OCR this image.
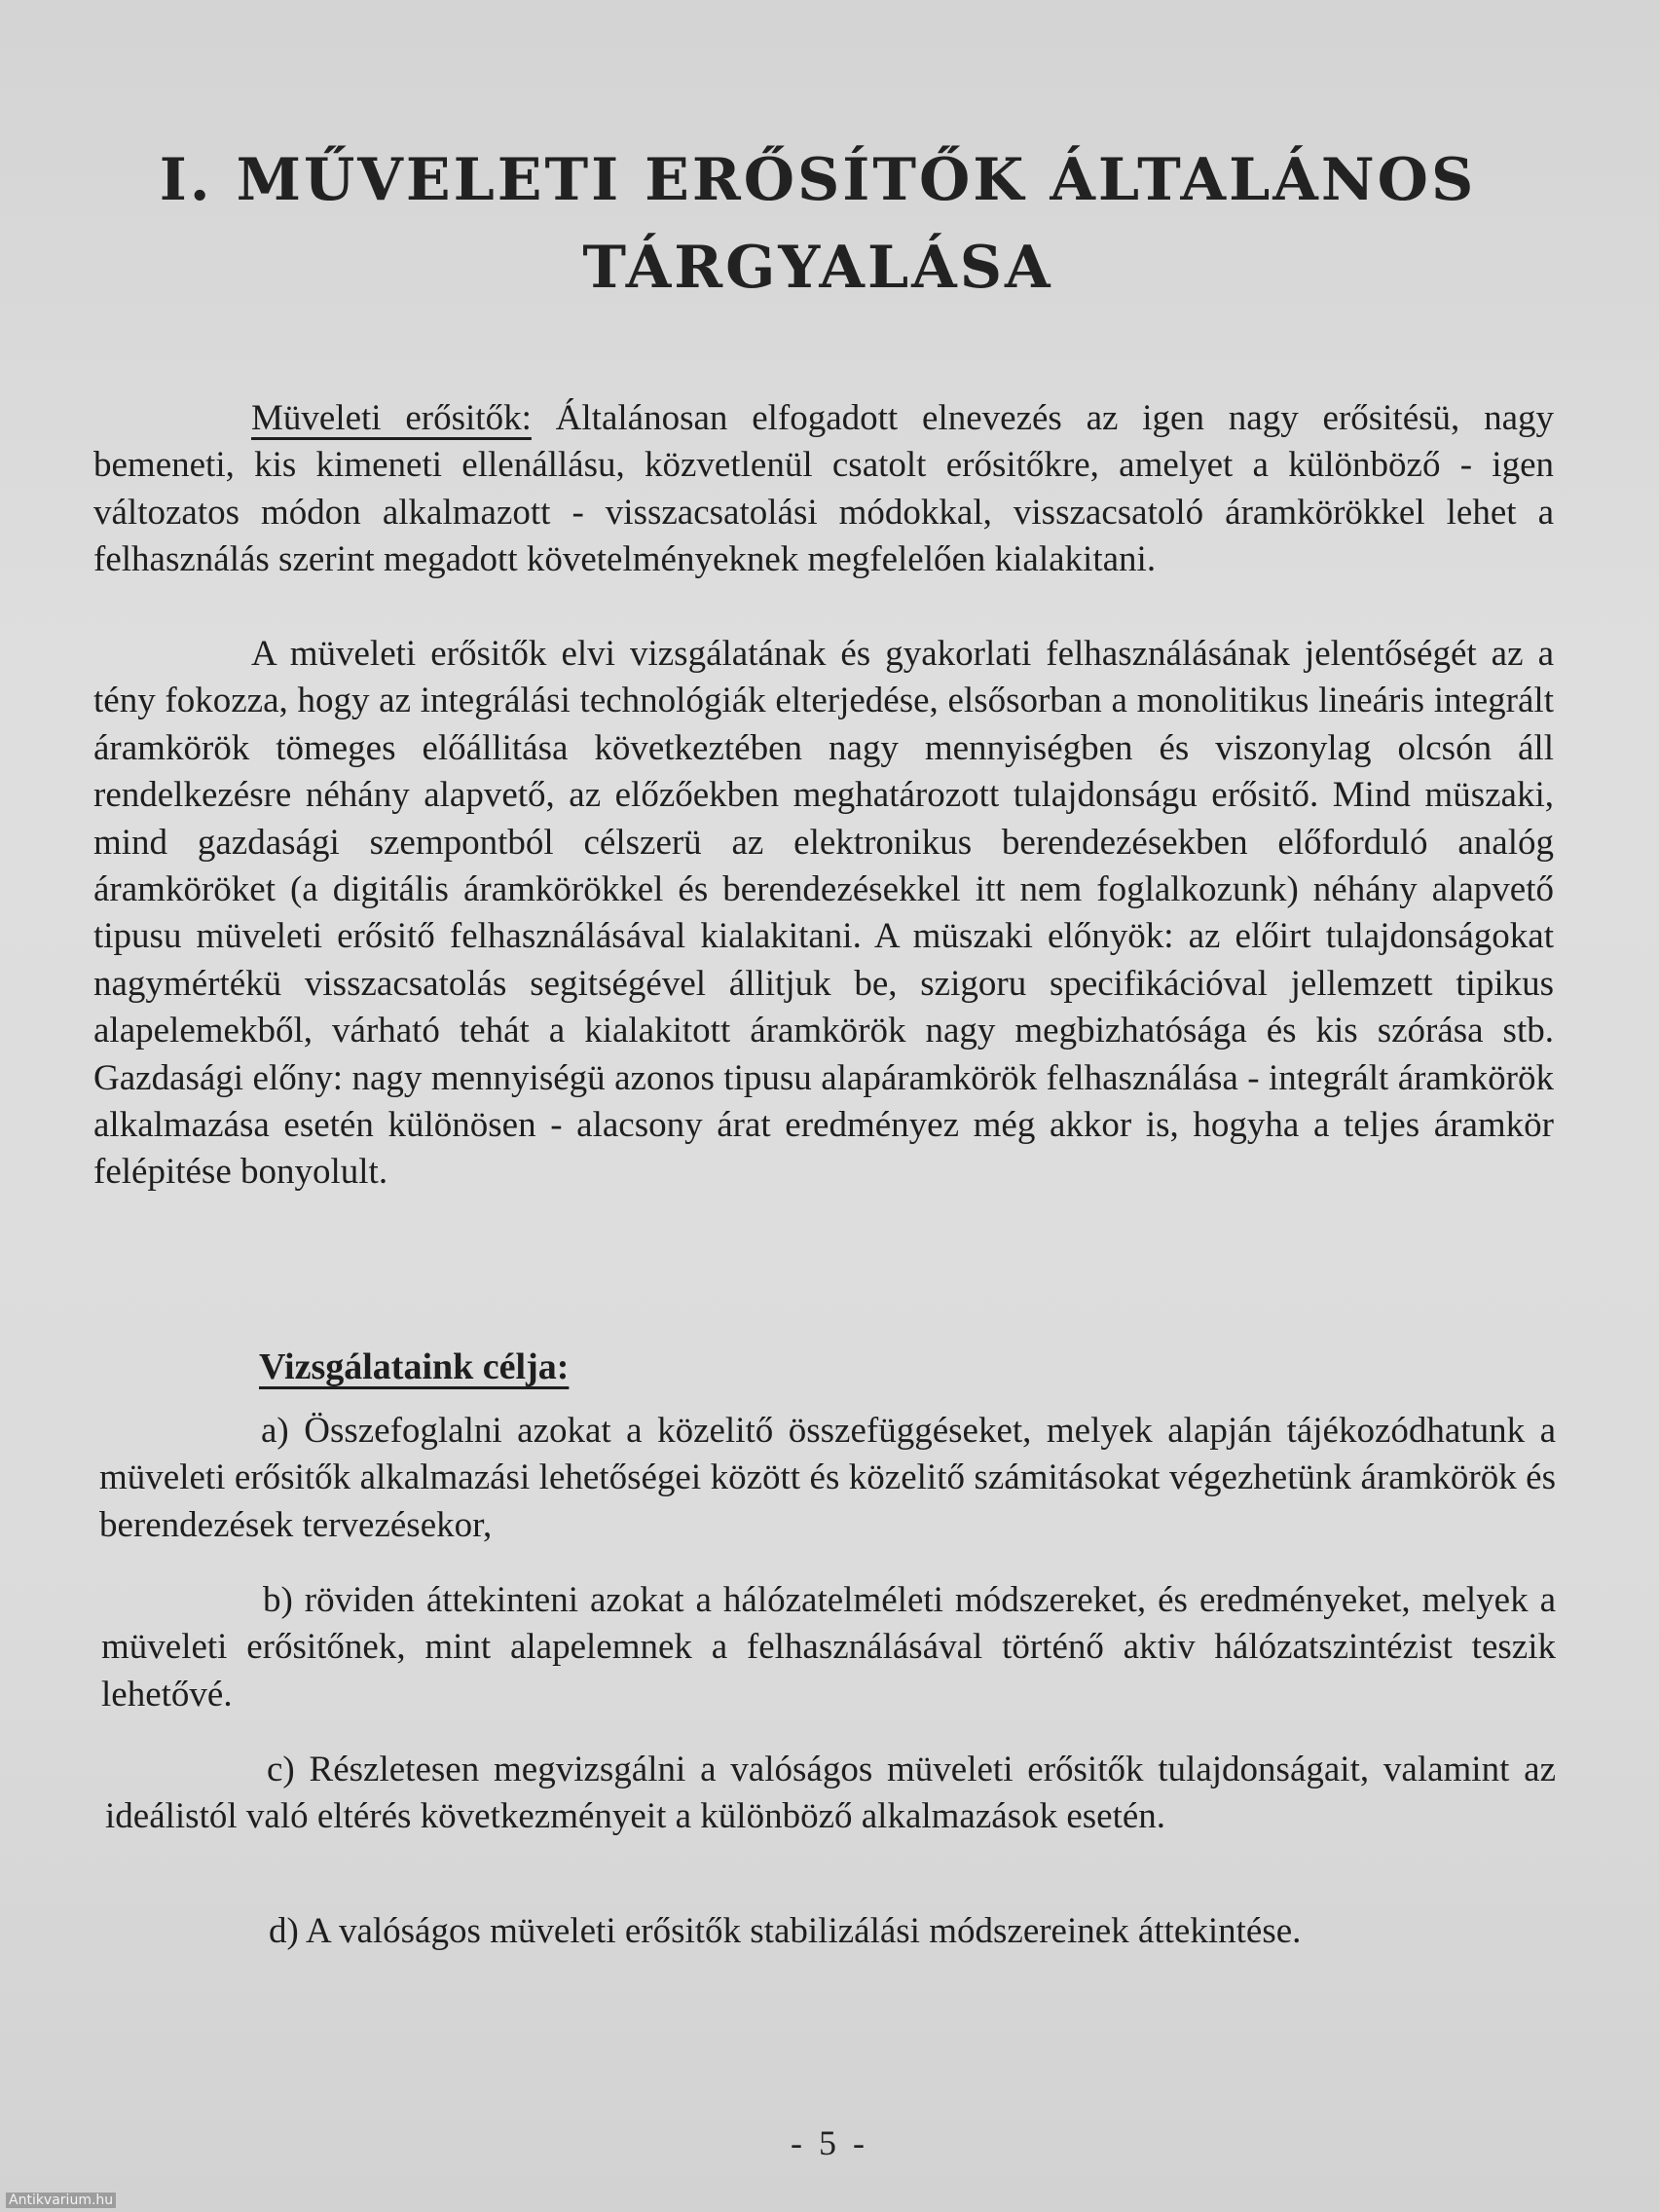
I. MŰVELETI ERŐSÍTŐK ÁLTALÁNOS
TÁRGYALÁSA

Müveleti erősitők: Általánosan elfogadott elnevezés az igen nagy erősitésü, nagy bemeneti, kis kimeneti ellenállásu, közvetlenül csatolt erősitőkre, amelyet a különböző - igen változatos módon alkalmazott - visszacsatolási módokkal, visszacsatoló áramkörökkel lehet a felhasználás szerint megadott követelményeknek megfelelően kialakitani.

A müveleti erősitők elvi vizsgálatának és gyakorlati felhasználásának jelentőségét az a tény fokozza, hogy az integrálási technológiák elterjedése, elsősorban a monolitikus lineáris integrált áramkörök tömeges előállitása következtében nagy mennyiségben és viszonylag olcsón áll rendelkezésre néhány alapvető, az előzőekben meghatározott tulajdonságu erősitő. Mind müszaki, mind gazdasági szempontból célszerü az elektronikus berendezésekben előforduló analóg áramköröket (a digitális áramkörökkel és berendezésekkel itt nem foglalkozunk) néhány alapvető tipusu müveleti erősitő felhasználásával kialakitani. A müszaki előnyök: az előirt tulajdonságokat nagymértékü visszacsatolás segitségével állitjuk be, szigoru specifikációval jellemzett tipikus alapelemekből, várható tehát a kialakitott áramkörök nagy megbizhatósága és kis szórása stb. Gazdasági előny: nagy mennyiségü azonos tipusu alapáramkörök felhasználása - integrált áramkörök alkalmazása esetén különösen - alacsony árat eredményez még akkor is, hogyha a teljes áramkör felépitése bonyolult.

Vizsgálataink célja:

a) Összefoglalni azokat a közelitő összefüggéseket, melyek alapján tájékozódhatunk a müveleti erősitők alkalmazási lehetőségei között és közelitő számitásokat végezhetünk áramkörök és berendezések tervezésekor,

b) röviden áttekinteni azokat a hálózatelméleti módszereket, és eredményeket, melyek a müveleti erősitőnek, mint alapelemnek a felhasználásával történő aktiv hálózatszintézist teszik lehetővé.

c) Részletesen megvizsgálni a valóságos müveleti erősitők tulajdonságait, valamint az ideálistól való eltérés következményeit a különböző alkalmazások esetén.

d) A valóságos müveleti erősitők stabilizálási módszereinek áttekintése.

- 5 -

Antikvarium.hu
